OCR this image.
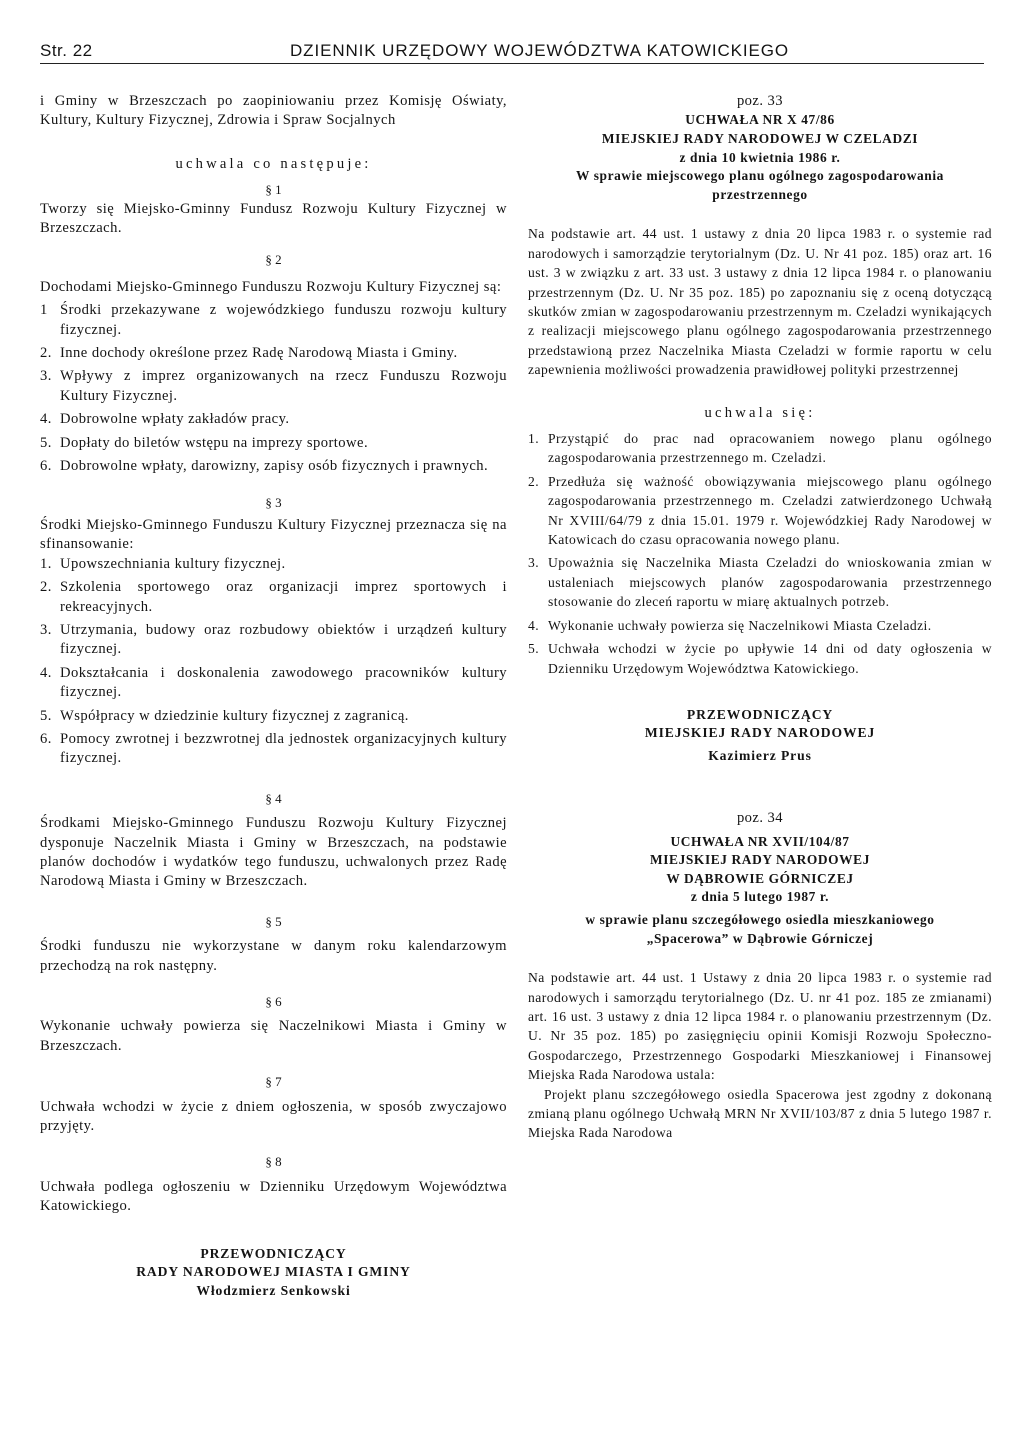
Str. 22	DZIENNIK URZĘDOWY WOJEWÓDZTWA KATOWICKIEGO

i Gminy w Brzeszczach po zaopiniowaniu przez Komisję Oświaty, Kultury, Kultury Fizycznej, Zdrowia i Spraw Socjalnych

uchwala co następuje:

§ 1

Tworzy się Miejsko-Gminny Fundusz Rozwoju Kultury Fizycznej w Brzeszczach.

§ 2

Dochodami Miejsko-Gminnego Funduszu Rozwoju Kultury Fizycznej są:

1 Środki przekazywane z wojewódzkiego funduszu rozwoju kultury fizycznej.
2. Inne dochody określone przez Radę Narodową Miasta i Gminy.
3. Wpływy z imprez organizowanych na rzecz Funduszu Rozwoju Kultury Fizycznej.
4. Dobrowolne wpłaty zakładów pracy.
5. Dopłaty do biletów wstępu na imprezy sportowe.
6. Dobrowolne wpłaty, darowizny, zapisy osób fizycznych i prawnych.

§ 3

Środki Miejsko-Gminnego Funduszu Kultury Fizycznej przeznacza się na sfinansowanie:

1. Upowszechniania kultury fizycznej.
2. Szkolenia sportowego oraz organizacji imprez sportowych i rekreacyjnych.
3. Utrzymania, budowy oraz rozbudowy obiektów i urządzeń kultury fizycznej.
4. Dokształcania i doskonalenia zawodowego pracowników kultury fizycznej.
5. Współpracy w dziedzinie kultury fizycznej z zagranicą.
6. Pomocy zwrotnej i bezzwrotnej dla jednostek organizacyjnych kultury fizycznej.

§ 4

Środkami Miejsko-Gminnego Funduszu Rozwoju Kultury Fizycznej dysponuje Naczelnik Miasta i Gminy w Brzeszczach, na podstawie planów dochodów i wydatków tego funduszu, uchwalonych przez Radę Narodową Miasta i Gminy w Brzeszczach.

§ 5

Środki funduszu nie wykorzystane w danym roku kalendarzowym przechodzą na rok następny.

§ 6

Wykonanie uchwały powierza się Naczelnikowi Miasta i Gminy w Brzeszczach.

§ 7

Uchwała wchodzi w życie z dniem ogłoszenia, w sposób zwyczajowo przyjęty.

§ 8

Uchwała podlega ogłoszeniu w Dzienniku Urzędowym Województwa Katowickiego.

PRZEWODNICZĄCY

RADY NARODOWEJ MIASTA I GMINY

Włodzmierz Senkowski

poz. 33

UCHWAŁA NR X 47/86

MIEJSKIEJ RADY NARODOWEJ W CZELADZI

z dnia 10 kwietnia 1986 r.

W sprawie miejscowego planu ogólnego zagospodarowania

przestrzennego

Na podstawie art. 44 ust. 1 ustawy z dnia 20 lipca 1983 r. o systemie rad narodowych i samorządzie terytorialnym (Dz. U. Nr 41 poz. 185) oraz art. 16 ust. 3 w związku z art. 33 ust. 3 ustawy z dnia 12 lipca 1984 r. o planowaniu przestrzennym (Dz. U. Nr 35 poz. 185) po zapoznaniu się z oceną dotyczącą skutków zmian w zagospodarowaniu przestrzennym m. Czeladzi wynikających z realizacji miejscowego planu ogólnego zagospodarowania przestrzennego przedstawioną przez Naczelnika Miasta Czeladzi w formie raportu w celu zapewnienia możliwości prowadzenia prawidłowej polityki przestrzennej

uchwala się:

1. Przystąpić do prac nad opracowaniem nowego planu ogólnego zagospodarowania przestrzennego m. Czeladzi.
2. Przedłuża się ważność obowiązywania miejscowego planu ogólnego zagospodarowania przestrzennego m. Czeladzi zatwierdzonego Uchwałą Nr XVIII/64/79 z dnia 15.01. 1979 r. Wojewódzkiej Rady Narodowej w Katowicach do czasu opracowania nowego planu.
3. Upoważnia się Naczelnika Miasta Czeladzi do wnioskowania zmian w ustaleniach miejscowych planów zagospodarowania przestrzennego stosowanie do zleceń raportu w miarę aktualnych potrzeb.
4. Wykonanie uchwały powierza się Naczelnikowi Miasta Czeladzi.
5. Uchwała wchodzi w życie po upływie 14 dni od daty ogłoszenia w Dzienniku Urzędowym Województwa Katowickiego.

PRZEWODNICZĄCY

MIEJSKIEJ RADY NARODOWEJ

Kazimierz Prus

poz. 34

UCHWAŁA NR XVII/104/87

MIEJSKIEJ RADY NARODOWEJ

W DĄBROWIE GÓRNICZEJ

z dnia 5 lutego 1987 r.

w sprawie planu szczegółowego osiedla mieszkaniowego

„Spacerowa” w Dąbrowie Górniczej

Na podstawie art. 44 ust. 1 Ustawy z dnia 20 lipca 1983 r. o systemie rad narodowych i samorządu terytorialnego (Dz. U. nr 41 poz. 185 ze zmianami) art. 16 ust. 3 ustawy z dnia 12 lipca 1984 r. o planowaniu przestrzennym (Dz. U. Nr 35 poz. 185) po zasięgnięciu opinii Komisji Rozwoju Społeczno-Gospodarczego, Przestrzennego Gospodarki Mieszkaniowej i Finansowej Miejska Rada Narodowa ustala:

Projekt planu szczegółowego osiedla Spacerowa jest zgodny z dokonaną zmianą planu ogólnego Uchwałą MRN Nr XVII/103/87 z dnia 5 lutego 1987 r. Miejska Rada Narodowa
